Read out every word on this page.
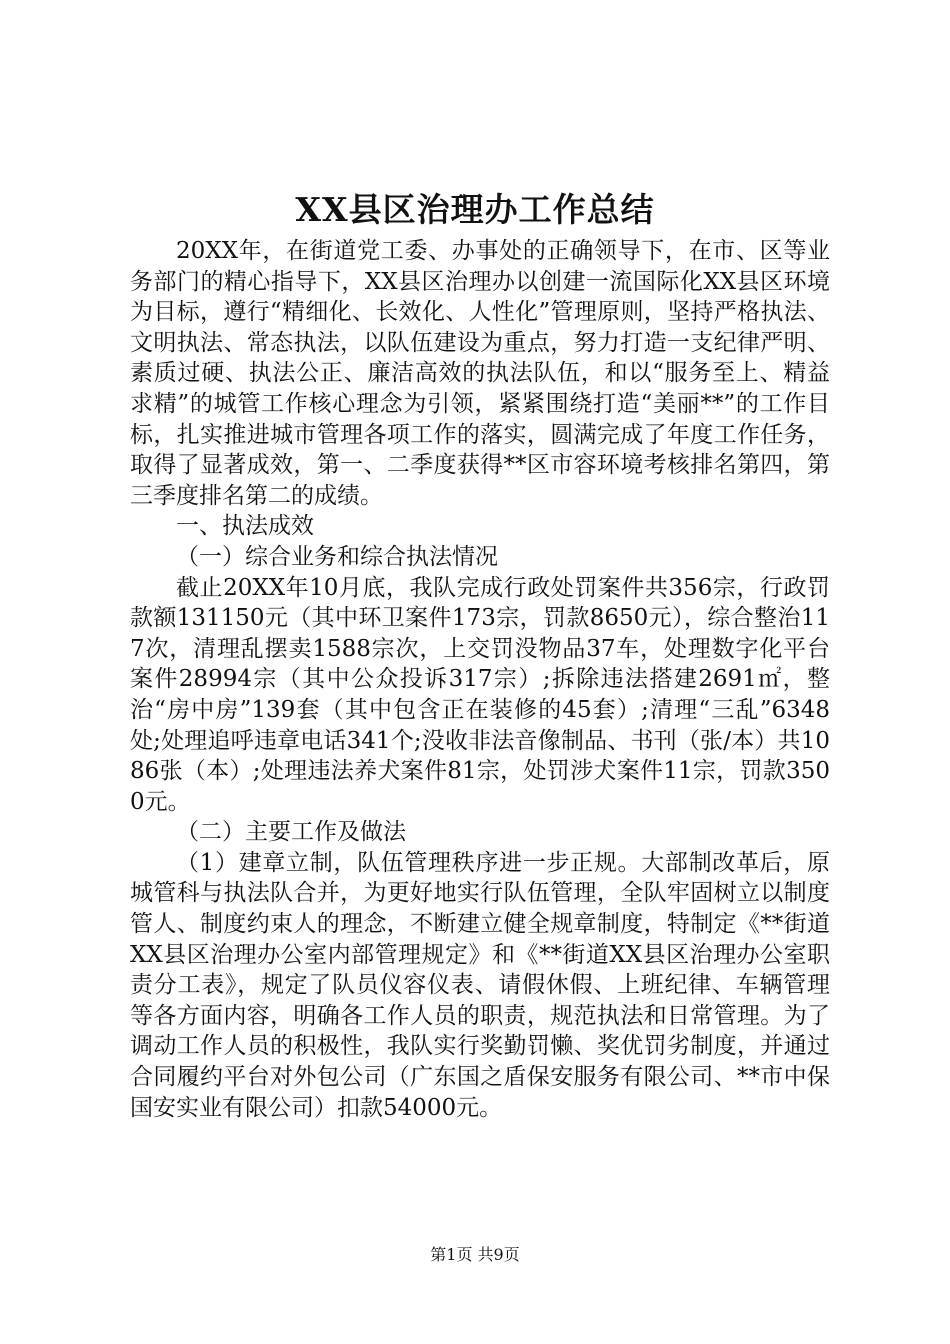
XX县区治理办工作总结

20XX年，在街道党工委、办事处的正确领导下，在市、区等业务部门的精心指导下，XX县区治理办以创建一流国际化XX县区环境为目标，遵行“精细化、长效化、人性化”管理原则，坚持严格执法、文明执法、常态执法，以队伍建设为重点，努力打造一支纪律严明、素质过硬、执法公正、廉洁高效的执法队伍，和以“服务至上、精益求精”的城管工作核心理念为引领，紧紧围绕打造“美丽**”的工作目标，扎实推进城市管理各项工作的落实，圆满完成了年度工作任务，取得了显著成效，第一、二季度获得**区市容环境考核排名第四，第三季度排名第二的成绩。

一、执法成效

（一）综合业务和综合执法情况

截止20XX年10月底，我队完成行政处罚案件共356宗，行政罚款额131150元（其中环卫案件173宗，罚款8650元），综合整治117次，清理乱摆卖1588宗次，上交罚没物品37车，处理数字化平台案件28994宗（其中公众投诉317宗）;拆除违法搭建2691㎡，整治“房中房”139套（其中包含正在装修的45套）;清理“三乱”6348处;处理追呼违章电话341个;没收非法音像制品、书刊（张/本）共1086张（本）;处理违法养犬案件81宗，处罚涉犬案件11宗，罚款3500元。

（二）主要工作及做法

（1）建章立制，队伍管理秩序进一步正规。大部制改革后，原城管科与执法队合并，为更好地实行队伍管理，全队牢固树立以制度管人、制度约束人的理念，不断建立健全规章制度，特制定《**街道XX县区治理办公室内部管理规定》和《**街道XX县区治理办公室职责分工表》，规定了队员仪容仪表、请假休假、上班纪律、车辆管理等各方面内容，明确各工作人员的职责，规范执法和日常管理。为了调动工作人员的积极性，我队实行奖勤罚懒、奖优罚劣制度，并通过合同履约平台对外包公司（广东国之盾保安服务有限公司、**市中保国安实业有限公司）扣款54000元。

第1页 共9页
